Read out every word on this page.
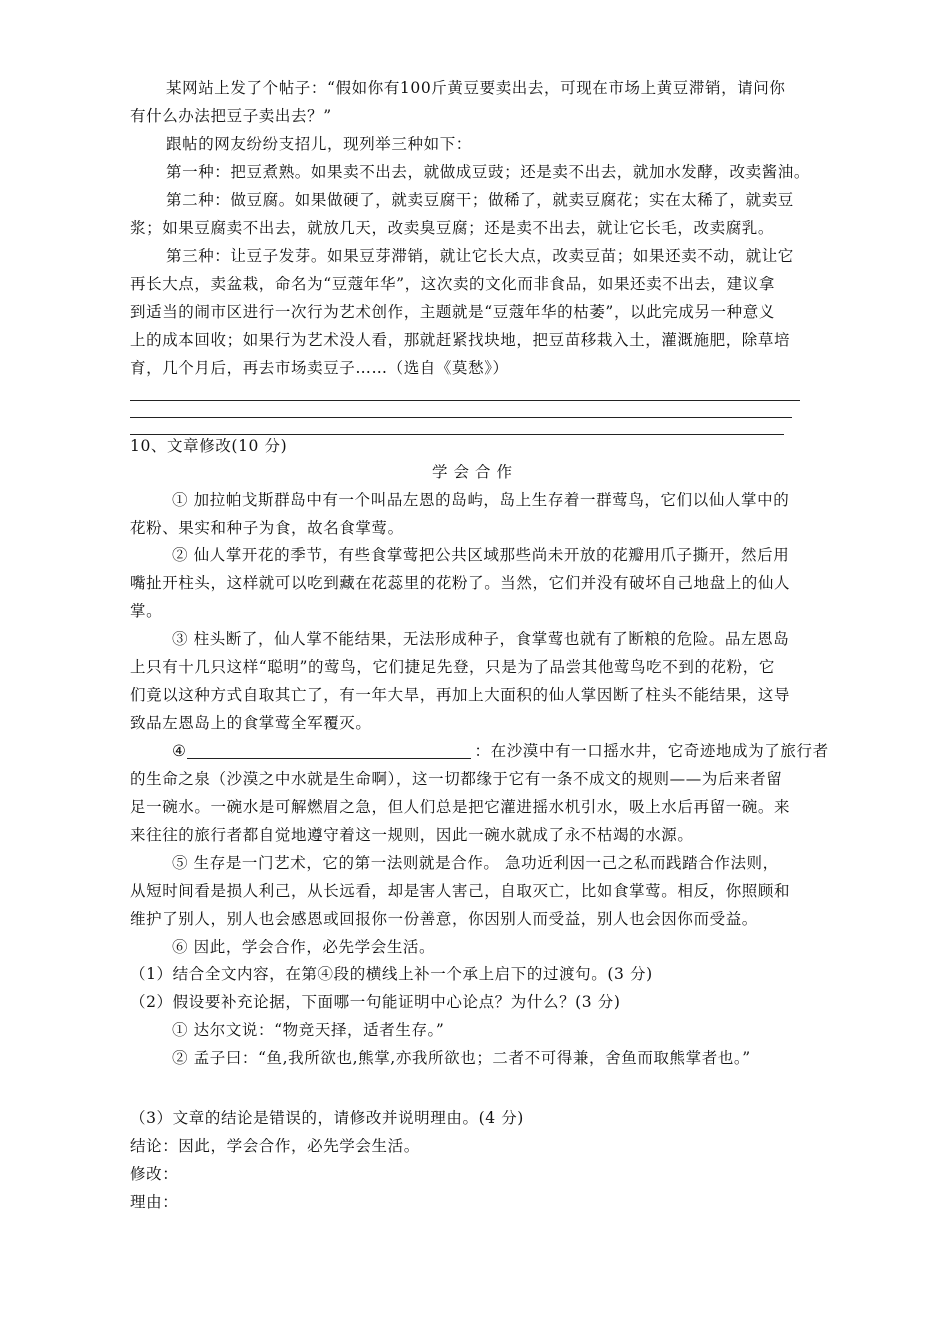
某网站上发了个帖子：“假如你有100斤黄豆要卖出去，可现在市场上黄豆滞销，请问你
有什么办法把豆子卖出去？”
跟帖的网友纷纷支招儿，现列举三种如下：
第一种：把豆煮熟。如果卖不出去，就做成豆豉；还是卖不出去，就加水发酵，改卖酱油。
第二种：做豆腐。如果做硬了，就卖豆腐干；做稀了，就卖豆腐花；实在太稀了，就卖豆
浆；如果豆腐卖不出去，就放几天，改卖臭豆腐；还是卖不出去，就让它长毛，改卖腐乳。
第三种：让豆子发芽。如果豆芽滞销，就让它长大点，改卖豆苗；如果还卖不动，就让它
再长大点，卖盆栽，命名为“豆蔻年华”，这次卖的文化而非食品，如果还卖不出去，建议拿
到适当的闹市区进行一次行为艺术创作，主题就是“豆蔻年华的枯萎”，以此完成另一种意义
上的成本回收；如果行为艺术没人看，那就赶紧找块地，把豆苗移栽入土，灌溉施肥，除草培
育，几个月后，再去市场卖豆子……（选自《莫愁》）
10、文章修改(10 分)
学会合作
① 加拉帕戈斯群岛中有一个叫品左恩的岛屿，岛上生存着一群莺鸟，它们以仙人掌中的
花粉、果实和种子为食，故名食掌莺。
② 仙人掌开花的季节，有些食掌莺把公共区域那些尚未开放的花瓣用爪子撕开，然后用
嘴扯开柱头，这样就可以吃到藏在花蕊里的花粉了。当然，它们并没有破坏自己地盘上的仙人
掌。
③ 柱头断了，仙人掌不能结果，无法形成种子，食掌莺也就有了断粮的危险。品左恩岛
上只有十几只这样“聪明”的莺鸟，它们捷足先登，只是为了品尝其他莺鸟吃不到的花粉，它
们竟以这种方式自取其亡了，有一年大旱，再加上大面积的仙人掌因断了柱头不能结果，这导
致品左恩岛上的食掌莺全军覆灭。
④	：在沙漠中有一口摇水井，它奇迹地成为了旅行者
的生命之泉（沙漠之中水就是生命啊），这一切都缘于它有一条不成文的规则——为后来者留
足一碗水。一碗水是可解燃眉之急，但人们总是把它灌进摇水机引水，吸上水后再留一碗。来
来往往的旅行者都自觉地遵守着这一规则，因此一碗水就成了永不枯竭的水源。
⑤ 生存是一门艺术，它的第一法则就是合作。 急功近利因一己之私而践踏合作法则，
从短时间看是损人利己，从长远看，却是害人害己，自取灭亡，比如食掌莺。相反，你照顾和
维护了别人，别人也会感恩或回报你一份善意，你因别人而受益，别人也会因你而受益。
⑥ 因此，学会合作，必先学会生活。
（1）结合全文内容，在第④段的横线上补一个承上启下的过渡句。(3 分)
（2）假设要补充论据，下面哪一句能证明中心论点？为什么？(3 分)
① 达尔文说：“物竞天择，适者生存。”
② 孟子曰：“鱼,我所欲也,熊掌,亦我所欲也；二者不可得兼，舍鱼而取熊掌者也。”
（3）文章的结论是错误的，请修改并说明理由。(4 分)
结论：因此，学会合作，必先学会生活。
修改：
理由：
